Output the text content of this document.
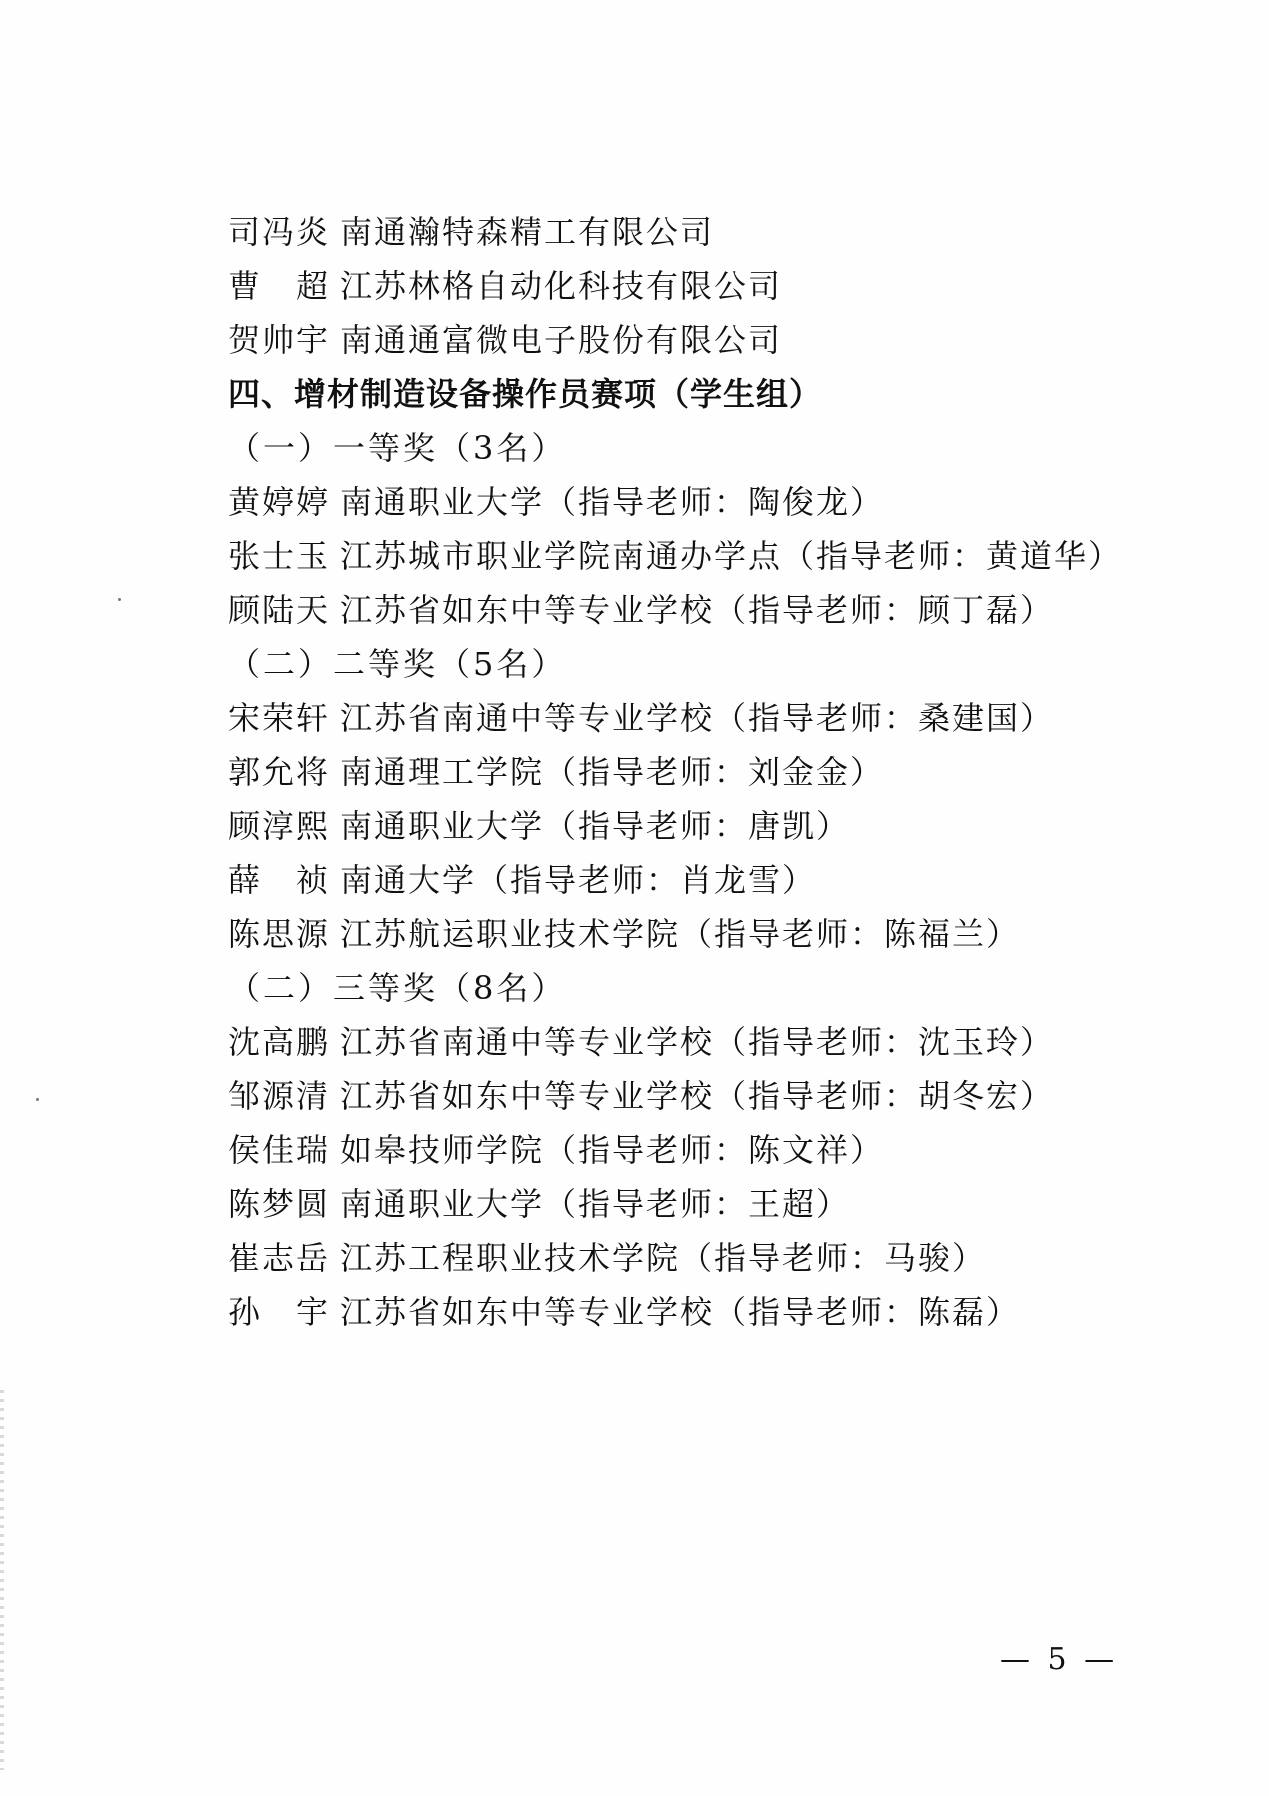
司冯炎 南通瀚特森精工有限公司
曹　超 江苏林格自动化科技有限公司
贺帅宇 南通通富微电子股份有限公司
四、增材制造设备操作员赛项（学生组）
（一）一等奖（3名）
黄婷婷 南通职业大学（指导老师：陶俊龙）
张士玉 江苏城市职业学院南通办学点（指导老师：黄道华）
顾陆天 江苏省如东中等专业学校（指导老师：顾丁磊）
（二）二等奖（5名）
宋荣轩 江苏省南通中等专业学校（指导老师：桑建国）
郭允将 南通理工学院（指导老师：刘金金）
顾淳熙 南通职业大学（指导老师：唐凯）
薛　祯 南通大学（指导老师：肖龙雪）
陈思源 江苏航运职业技术学院（指导老师：陈福兰）
（二）三等奖（8名）
沈高鹏 江苏省南通中等专业学校（指导老师：沈玉玲）
邹源清 江苏省如东中等专业学校（指导老师：胡冬宏）
侯佳瑞 如皋技师学院（指导老师：陈文祥）
陈梦圆 南通职业大学（指导老师：王超）
崔志岳 江苏工程职业技术学院（指导老师：马骏）
孙　宇 江苏省如东中等专业学校（指导老师：陈磊）
— 5 —
